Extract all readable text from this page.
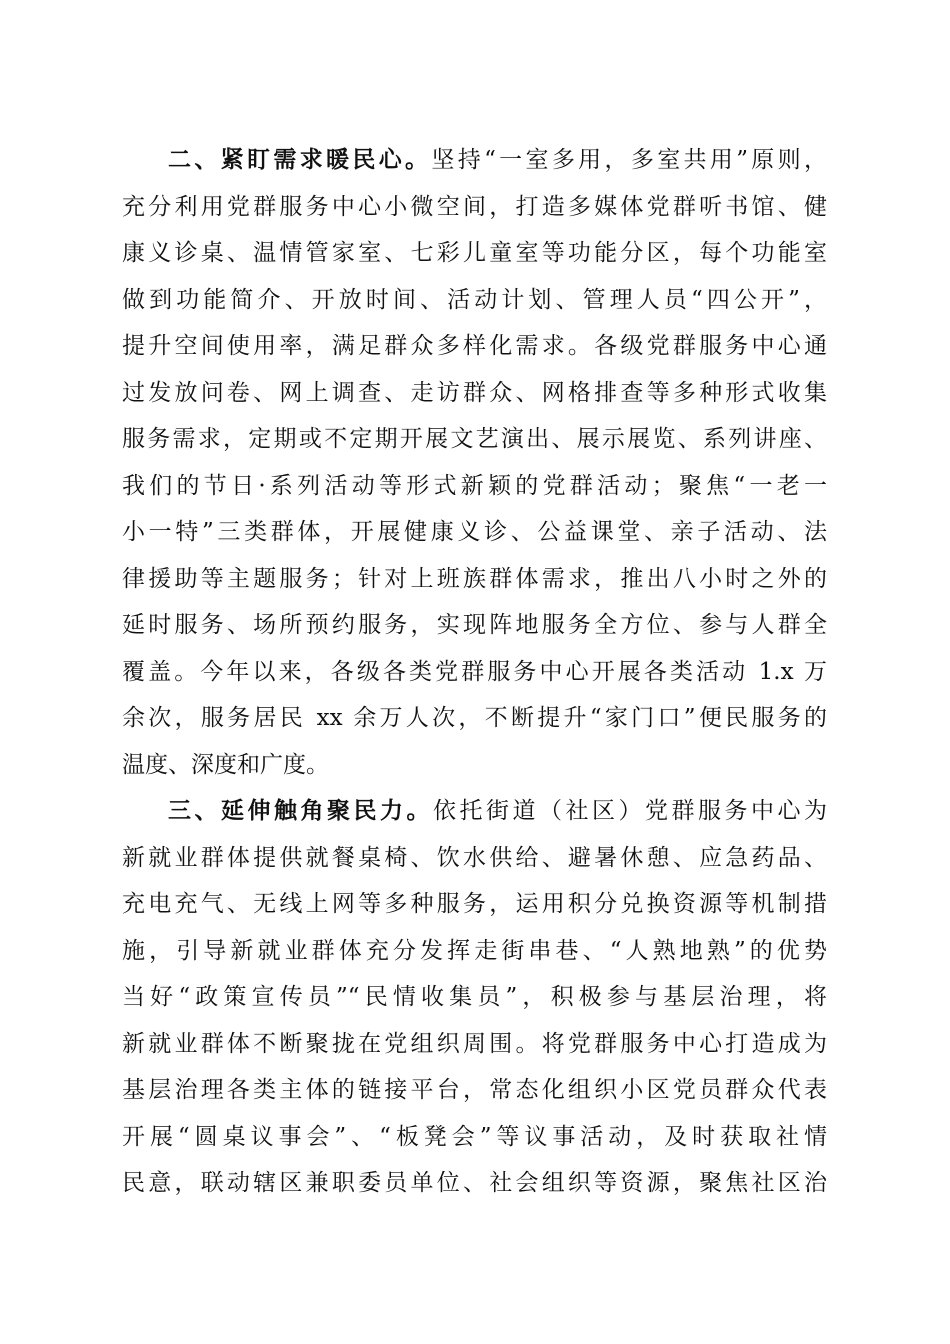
二、紧盯需求暖民心。坚持“一室多用，多室共用”原则，
充分利用党群服务中心小微空间，打造多媒体党群听书馆、健
康义诊桌、温情管家室、七彩儿童室等功能分区，每个功能室
做到功能简介、开放时间、活动计划、管理人员“四公开”，
提升空间使用率，满足群众多样化需求。各级党群服务中心通
过发放问卷、网上调查、走访群众、网格排查等多种形式收集
服务需求，定期或不定期开展文艺演出、展示展览、系列讲座、
我们的节日·系列活动等形式新颖的党群活动；聚焦“一老一
小一特”三类群体，开展健康义诊、公益课堂、亲子活动、法
律援助等主题服务；针对上班族群体需求，推出八小时之外的
延时服务、场所预约服务，实现阵地服务全方位、参与人群全
覆盖。今年以来，各级各类党群服务中心开展各类活动 1.x 万
余次，服务居民 xx 余万人次，不断提升“家门口”便民服务的
温度、深度和广度。
三、延伸触角聚民力。依托街道（社区）党群服务中心为
新就业群体提供就餐桌椅、饮水供给、避暑休憩、应急药品、
充电充气、无线上网等多种服务，运用积分兑换资源等机制措
施，引导新就业群体充分发挥走街串巷、“人熟地熟”的优势
当好“政策宣传员”“民情收集员”，积极参与基层治理，将
新就业群体不断聚拢在党组织周围。将党群服务中心打造成为
基层治理各类主体的链接平台，常态化组织小区党员群众代表
开展“圆桌议事会”、“板凳会”等议事活动，及时获取社情
民意，联动辖区兼职委员单位、社会组织等资源，聚焦社区治
